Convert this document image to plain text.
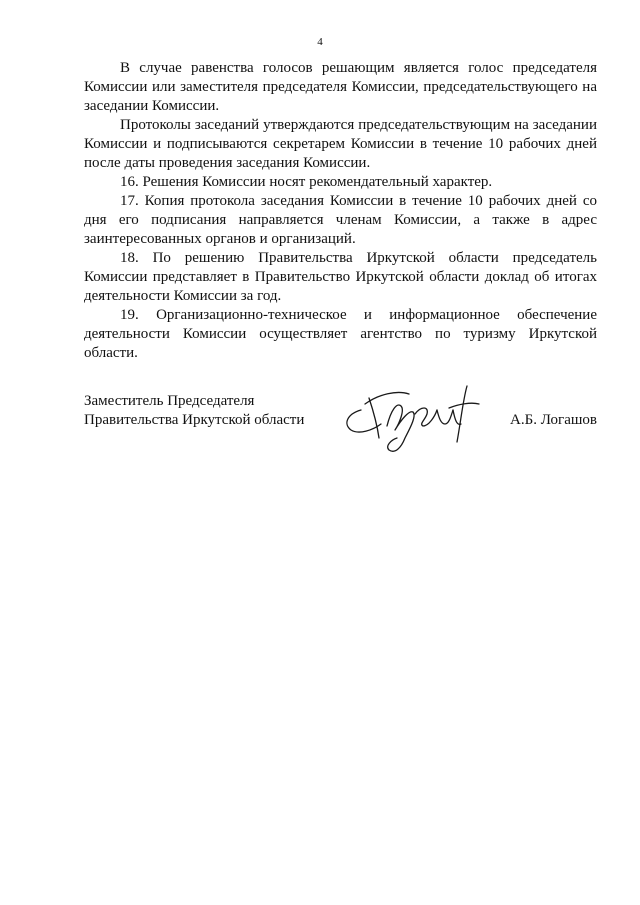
4

В случае равенства голосов решающим является голос председателя Комиссии или заместителя председателя Комиссии, председательствующего на заседании Комиссии.

Протоколы заседаний утверждаются председательствующим на заседании Комиссии и подписываются секретарем Комиссии в течение 10 рабочих дней после даты проведения заседания Комиссии.

16. Решения Комиссии носят рекомендательный характер.

17. Копия протокола заседания Комиссии в течение 10 рабочих дней со дня его подписания направляется членам Комиссии, а также в адрес заинтересованных органов и организаций.

18. По решению Правительства Иркутской области председатель Комиссии представляет в Правительство Иркутской области доклад об итогах деятельности Комиссии за год.

19. Организационно-техническое и информационное обеспечение деятельности Комиссии осуществляет агентство по туризму Иркутской области.

Заместитель Председателя
Правительства Иркутской области	А.Б. Логашов
